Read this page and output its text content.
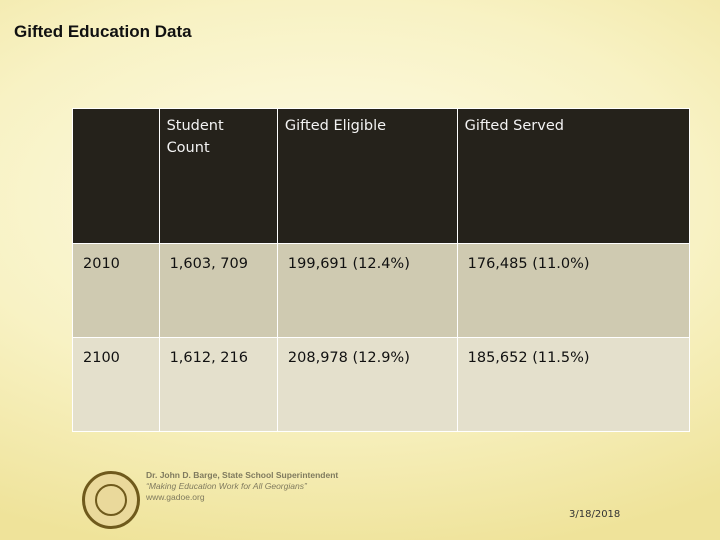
Gifted Education Data
	Student Count	Gifted Eligible	Gifted Served
2010	1,603, 709	199,691 (12.4%)	176,485 (11.0%)
2100	1,612, 216	208,978 (12.9%)	185,652 (11.5%)
Dr. John D. Barge, State School Superintendent
“Making Education Work for All Georgians”
www.gadoe.org
3/18/2018
